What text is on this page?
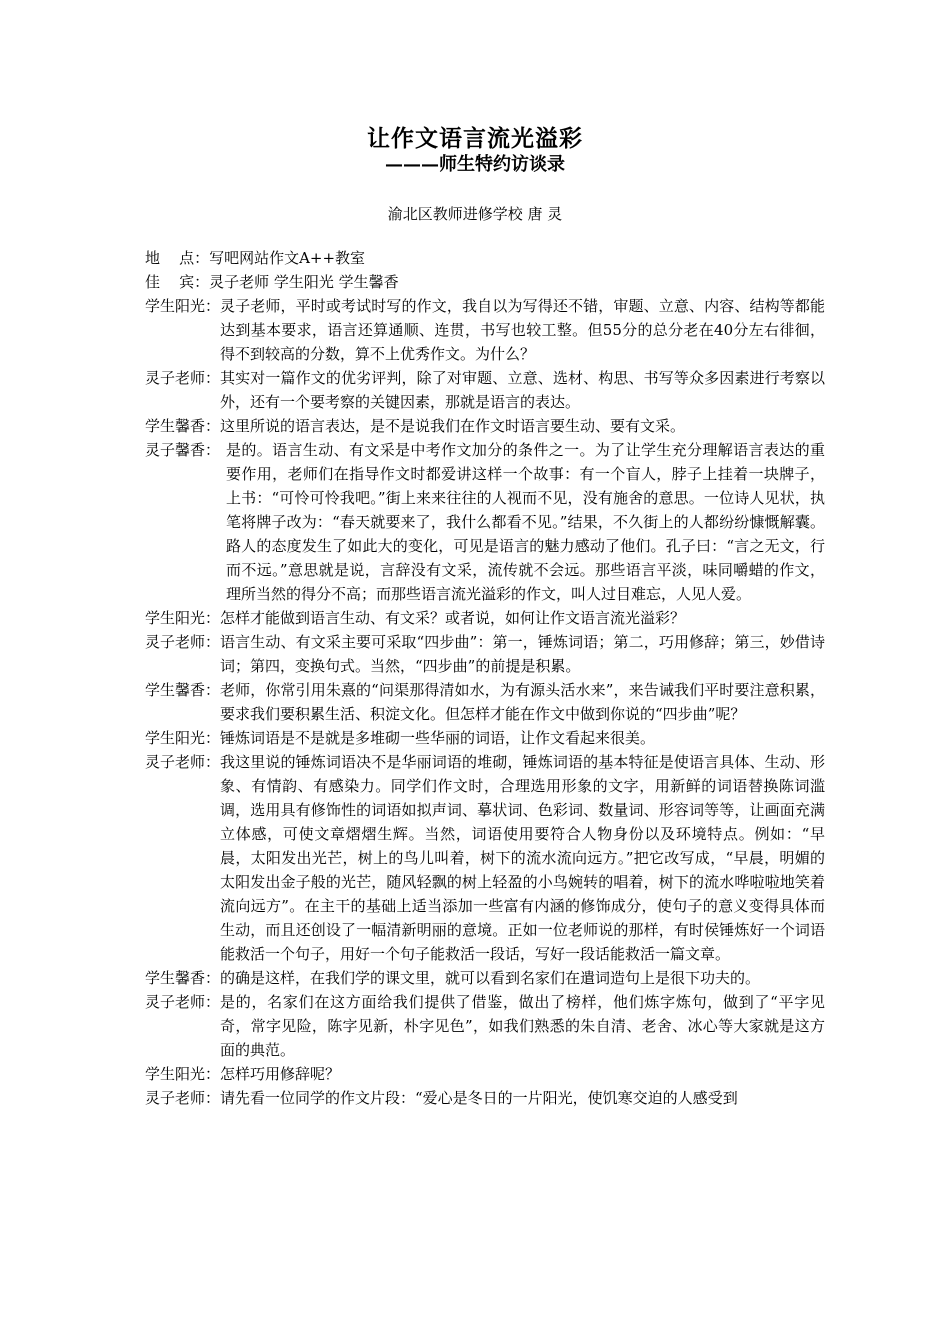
让作文语言流光溢彩
———师生特约访谈录
渝北区教师进修学校 唐 灵
地    点： 写吧网站作文A++教室
佳    宾： 灵子老师 学生阳光 学生馨香
学生阳光： 灵子老师，平时或考试时写的作文，我自以为写得还不错，审题、立意、内容、结构等都能达到基本要求，语言还算通顺、连贯，书写也较工整。但55分的总分老在40分左右徘徊，得不到较高的分数，算不上优秀作文。为什么？
灵子老师： 其实对一篇作文的优劣评判，除了对审题、立意、选材、构思、书写等众多因素进行考察以外，还有一个要考察的关键因素，那就是语言的表达。
学生馨香： 这里所说的语言表达，是不是说我们在作文时语言要生动、要有文采。
灵子馨香： 是的。语言生动、有文采是中考作文加分的条件之一。为了让学生充分理解语言表达的重要作用，老师们在指导作文时都爱讲这样一个故事：有一个盲人，脖子上挂着一块牌子，上书：“可怜可怜我吧。”街上来来往往的人视而不见，没有施舍的意思。一位诗人见状，执笔将牌子改为：“春天就要来了，我什么都看不见。”结果，不久街上的人都纷纷慷慨解囊。路人的态度发生了如此大的变化，可见是语言的魅力感动了他们。孔子曰：“言之无文，行而不远。”意思就是说，言辞没有文采，流传就不会远。那些语言平淡，味同嚼蜡的作文，理所当然的得分不高；而那些语言流光溢彩的作文，叫人过目难忘，人见人爱。
学生阳光： 怎样才能做到语言生动、有文采？或者说，如何让作文语言流光溢彩？
灵子老师： 语言生动、有文采主要可采取“四步曲”：第一，锤炼词语；第二，巧用修辞；第三，妙借诗词；第四，变换句式。当然，“四步曲”的前提是积累。
学生馨香： 老师，你常引用朱熹的“问渠那得清如水，为有源头活水来”，来告诫我们平时要注意积累，要求我们要积累生活、积淀文化。但怎样才能在作文中做到你说的“四步曲”呢？
学生阳光： 锤炼词语是不是就是多堆砌一些华丽的词语，让作文看起来很美。
灵子老师： 我这里说的锤炼词语决不是华丽词语的堆砌，锤炼词语的基本特征是使语言具体、生动、形象、有情韵、有感染力。同学们作文时，合理选用形象的文字，用新鲜的词语替换陈词滥调，选用具有修饰性的词语如拟声词、摹状词、色彩词、数量词、形容词等等，让画面充满立体感，可使文章熠熠生辉。当然，词语使用要符合人物身份以及环境特点。例如：“早晨，太阳发出光芒，树上的鸟儿叫着，树下的流水流向远方。”把它改写成，“早晨，明媚的太阳发出金子般的光芒，随风轻飘的树上轻盈的小鸟婉转的唱着，树下的流水哗啦啦地笑着流向远方”。在主干的基础上适当添加一些富有内涵的修饰成分，使句子的意义变得具体而生动，而且还创设了一幅清新明丽的意境。正如一位老师说的那样，有时侯锤炼好一个词语能救活一个句子，用好一个句子能救活一段话，写好一段话能救活一篇文章。
学生馨香： 的确是这样，在我们学的课文里，就可以看到名家们在遣词造句上是很下功夫的。
灵子老师： 是的，名家们在这方面给我们提供了借鉴，做出了榜样，他们炼字炼句，做到了“平字见奇，常字见险，陈字见新，朴字见色”，如我们熟悉的朱自清、老舍、冰心等大家就是这方面的典范。
学生阳光： 怎样巧用修辞呢？
灵子老师： 请先看一位同学的作文片段：“爱心是冬日的一片阳光，使饥寒交迫的人感受到
